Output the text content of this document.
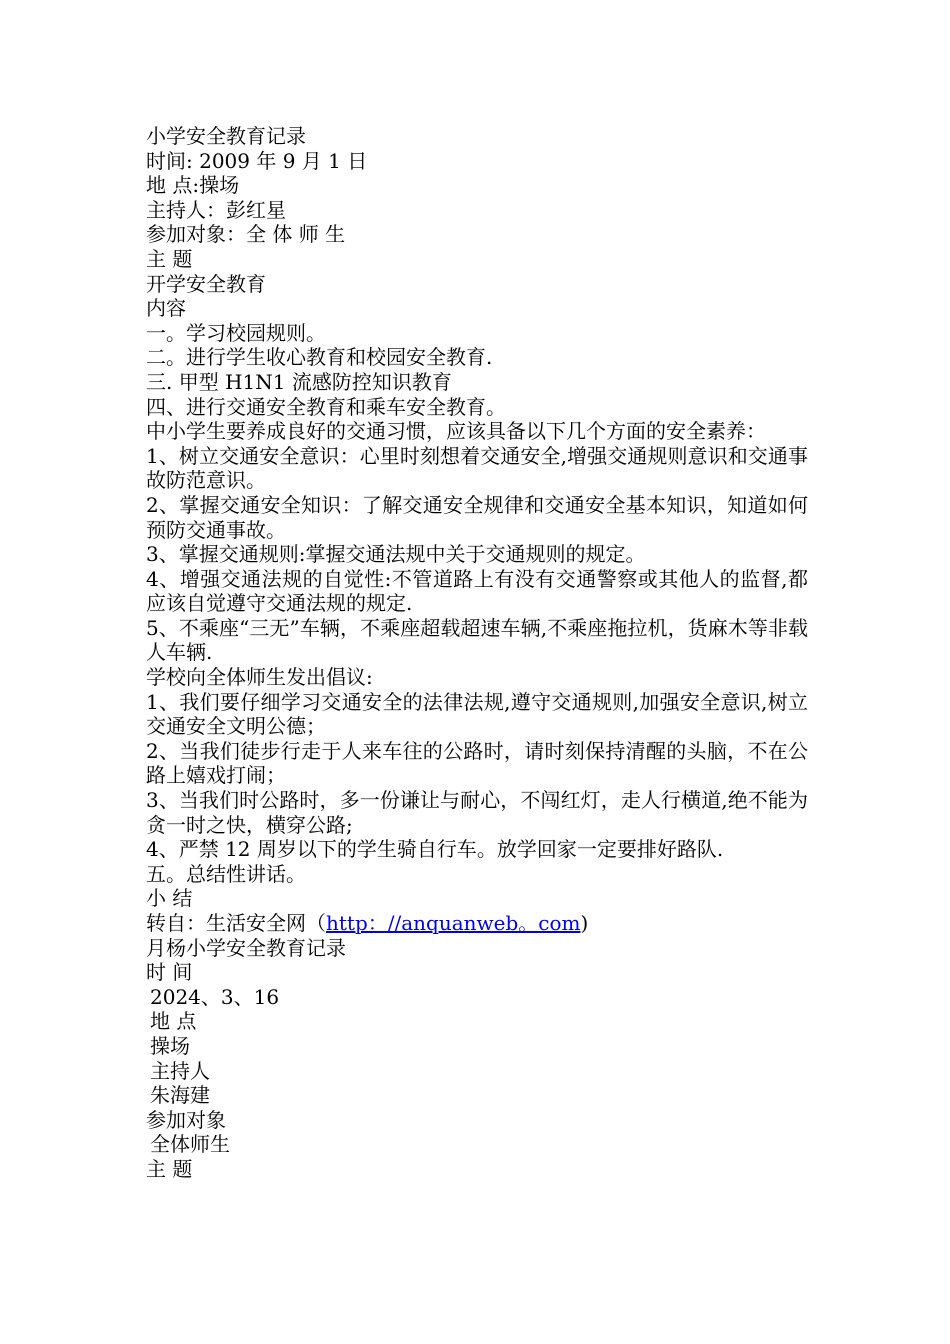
小学安全教育记录

时间: 2009 年 9 月 1 日

地 点:操场

主持人：彭红星

参加对象：全 体 师 生

主 题

开学安全教育

内容

一。学习校园规则。

二。进行学生收心教育和校园安全教育.

三. 甲型 H1N1 流感防控知识教育

四、进行交通安全教育和乘车安全教育。

中小学生要养成良好的交通习惯，应该具备以下几个方面的安全素养：

1、树立交通安全意识：心里时刻想着交通安全,增强交通规则意识和交通事故防范意识。

2、掌握交通安全知识：了解交通安全规律和交通安全基本知识，知道如何预防交通事故。

3、掌握交通规则:掌握交通法规中关于交通规则的规定。

4、增强交通法规的自觉性:不管道路上有没有交通警察或其他人的监督,都应该自觉遵守交通法规的规定.

5、不乘座“三无”车辆，不乘座超载超速车辆,不乘座拖拉机，货麻木等非载人车辆.

学校向全体师生发出倡议:

1、我们要仔细学习交通安全的法律法规,遵守交通规则,加强安全意识,树立交通安全文明公德；

2、当我们徒步行走于人来车往的公路时，请时刻保持清醒的头脑，不在公路上嬉戏打闹；

3、当我们时公路时，多一份谦让与耐心，不闯红灯，走人行横道,绝不能为贪一时之快，横穿公路;

4、严禁 12 周岁以下的学生骑自行车。放学回家一定要排好路队.

五。总结性讲话。

小 结

转自：生活安全网（http：//anquanweb。com)

月杨小学安全教育记录

时 间

2024、3、16

地 点

操场

主持人

朱海建

参加对象

全体师生

主 题
